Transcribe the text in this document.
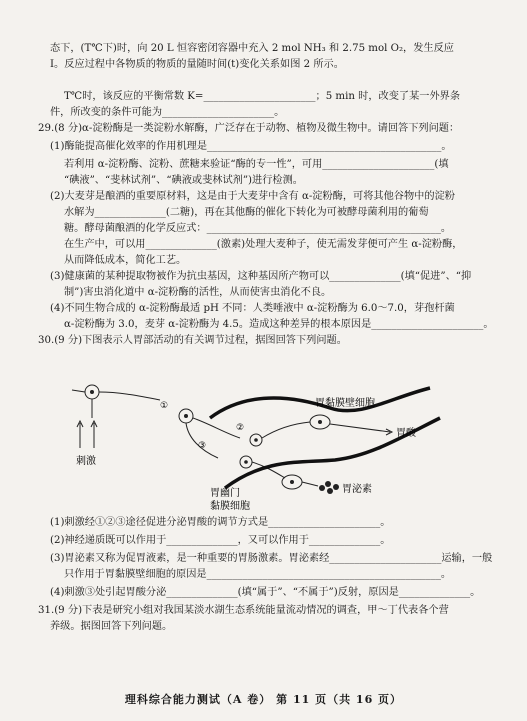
态下，(T℃下)时，向 20 L 恒容密闭容器中充入 2 mol NH₃ 和 2.75 mol O₂，发生反应
Ⅰ。反应过程中各物质的物质的量随时间(t)变化关系如图 2 所示。
T℃时，该反应的平衡常数 K=______________________；5 min 时，改变了某一外界条
件，所改变的条件可能为______________________。
29.(8 分)α-淀粉酶是一类淀粉水解酶，广泛存在于动物、植物及微生物中。请回答下列问题：
(1)酶能提高催化效率的作用机理是______________________________________________。
若利用 α-淀粉酶、淀粉、蔗糖来验证“酶的专一性”，可用______________________(填
“碘液”、“斐林试剂”、“碘液或斐林试剂”)进行检测。
(2)大麦芽是酿酒的重要原材料，这是由于大麦芽中含有 α-淀粉酶，可将其他谷物中的淀粉
水解为______________(二糖)，再在其他酶的催化下转化为可被酵母菌利用的葡萄
糖。酵母菌酿酒的化学反应式：______________________________________________。
在生产中，可以用______________(激素)处理大麦种子，使无需发芽便可产生 α-淀粉酶，
从而降低成本，简化工艺。
(3)健康菌的某种提取物被作为抗虫基因，这种基因所产物可以______________(填“促进”、“抑
制”)害虫消化道中 α-淀粉酶的活性，从而使害虫消化不良。
(4)不同生物合成的 α-淀粉酶最适 pH 不同：人类唾液中 α-淀粉酶为 6.0～7.0，芽孢杆菌
α-淀粉酶为 3.0，麦芽 α-淀粉酶为 4.5。造成这种差异的根本原因是______________________。
30.(9 分)下图表示人胃部活动的有关调节过程，据图回答下列问题。
(1)刺激经①②③途径促进分泌胃酸的调节方式是______________________。
(2)神经递质既可以作用于______________，又可以作用于______________。
(3)胃泌素又称为促胃液素，是一种重要的胃肠激素。胃泌素经______________________运输，一般
只作用于胃黏膜壁细胞的原因是______________________________________________。
(4)刺激③处引起胃酸分泌______________(填“属于”、“不属于”)反射，原因是______________。
31.(9 分)下表是研究小组对我国某淡水湖生态系统能量流动情况的调查，甲～丁代表各个营
养级。据图回答下列问题。
刺激
①
②
③
胃黏膜壁细胞
胃酸
胃幽门
黏膜细胞
胃泌素
理科综合能力测试（A 卷） 第 11 页（共 16 页）
